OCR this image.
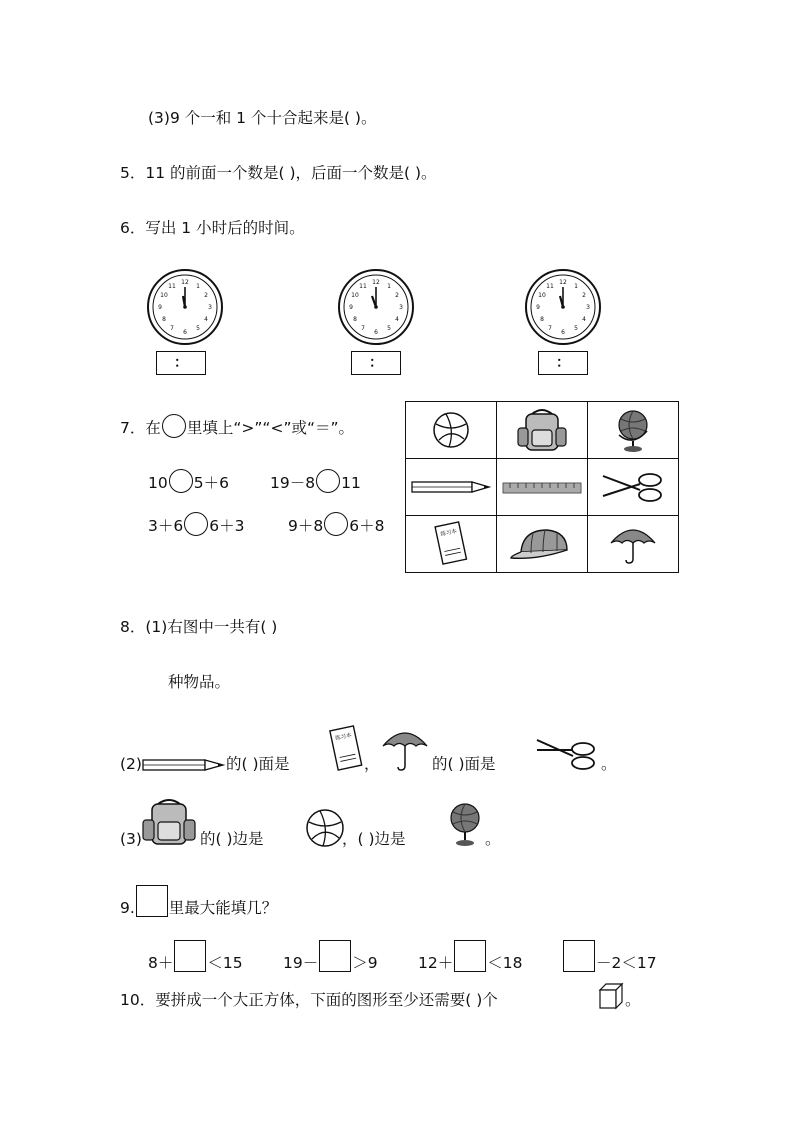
(3)9 个一和 1 个十合起来是( )。
5．11 的前面一个数是( )，后面一个数是( )。
6．写出 1 小时后的时间。
12
1
2
3
4
5
6
7
8
9
10
11
12
1
2
3
4
5
6
7
8
9
10
11
12
1
2
3
4
5
6
7
8
9
10
11
：	：	：
7．在 里填上“>”“<”或“＝”。
10 5＋6	19－8 11
3＋6 6＋3	9＋8 6＋8

			练习本

8．(1)右图中一共有( )
种物品。
(2)	的( )面是
练习本
，	的( )面是	。
(3)	的( )边是	，( )边是	。
9. 里最大能填几？
8＋ ＜15	19－ ＞9	12＋ ＜18	－2＜17
10．要拼成一个大正方体，下面的图形至少还需要( )个	。
